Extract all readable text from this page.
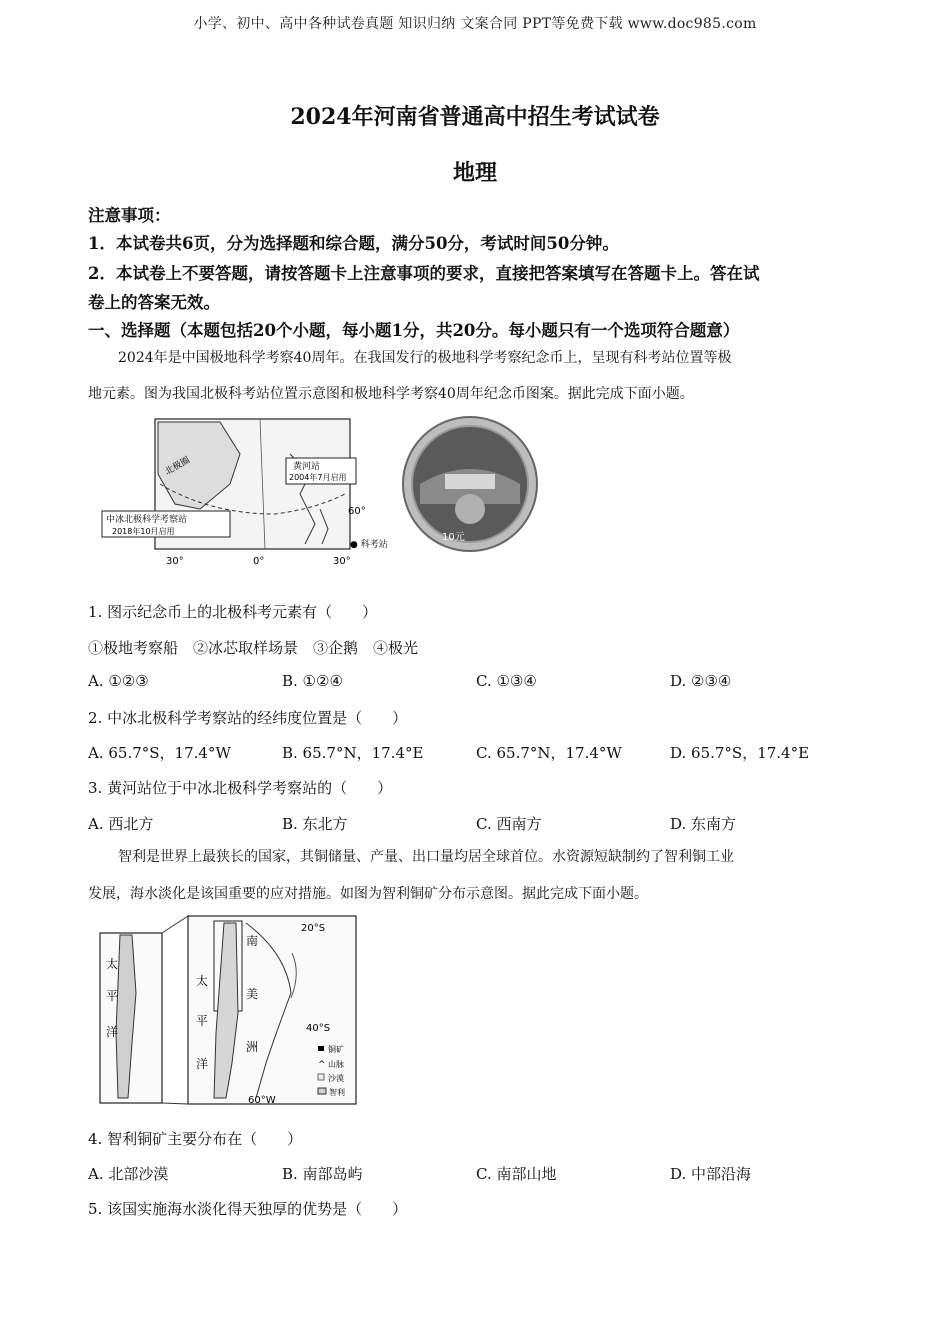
小学、初中、高中各种试卷真题 知识归纳 文案合同 PPT等免费下载 www.doc985.com
2024年河南省普通高中招生考试试卷
地理
注意事项：
1．本试卷共6页，分为选择题和综合题，满分50分，考试时间50分钟。
2．本试卷上不要答题，请按答题卡上注意事项的要求，直接把答案填写在答题卡上。答在试
卷上的答案无效。
一、选择题（本题包括20个小题，每小题1分，共20分。每小题只有一个选项符合题意）
2024年是中国极地科学考察40周年。在我国发行的极地科学考察纪念币上，呈现有科考站位置等极
地元素。图为我国北极科考站位置示意图和极地科学考察40周年纪念币图案。据此完成下面小题。
北极圈	黄河站
2004年7月启用
中冰北极科学考察站
2018年10月启用
60°
● 科考站
30°	0°	30°
10元
1. 图示纪念币上的北极科考元素有（　　）
①极地考察船　②冰芯取样场景　③企鹅　④极光
A. ①②③	B. ①②④	C. ①③④	D. ②③④
2. 中冰北极科学考察站的经纬度位置是（　　）
A. 65.7°S，17.4°W	B. 65.7°N，17.4°E	C. 65.7°N，17.4°W	D. 65.7°S，17.4°E
3. 黄河站位于中冰北极科学考察站的（　　）
A. 西北方	B. 东北方	C. 西南方	D. 东南方
智利是世界上最狭长的国家，其铜储量、产量、出口量均居全球首位。水资源短缺制约了智利铜工业
发展，海水淡化是该国重要的应对措施。如图为智利铜矿分布示意图。据此完成下面小题。
太
平
洋
太
平
洋
南
美
洲
20°S
40°S
60°W
铜矿
^ 山脉
沙漠
智利
4. 智利铜矿主要分布在（　　）
A. 北部沙漠	B. 南部岛屿	C. 南部山地	D. 中部沿海
5. 该国实施海水淡化得天独厚的优势是（　　）
